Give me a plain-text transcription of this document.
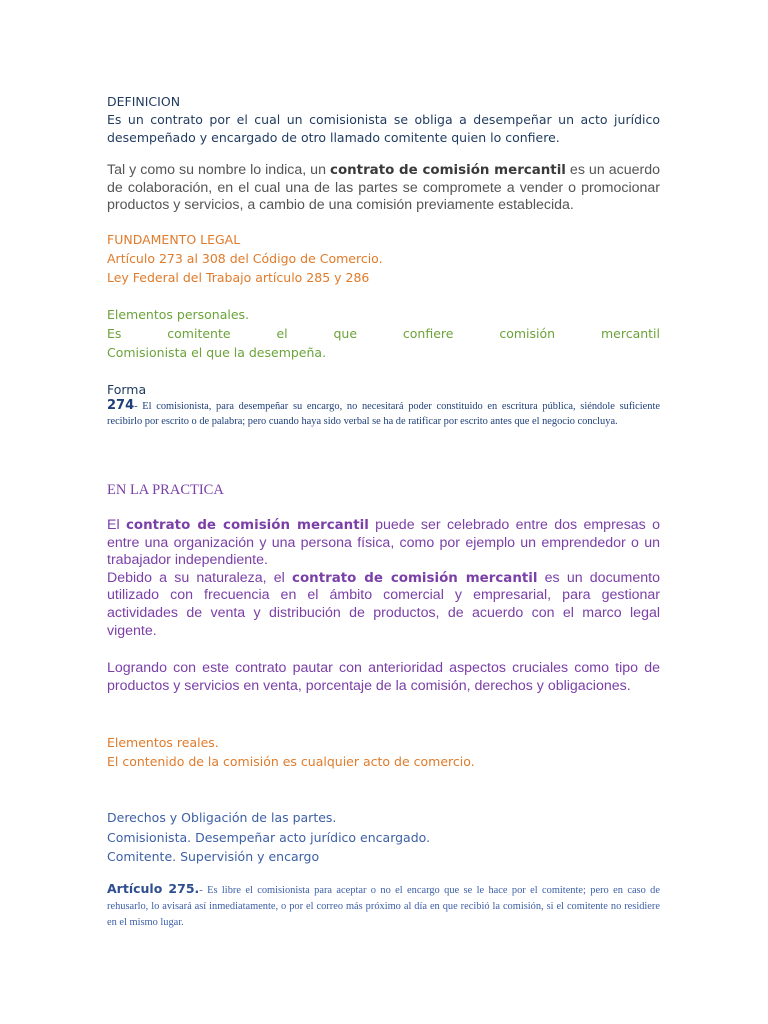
DEFINICION
Es un contrato por el cual un comisionista se obliga a desempeñar un acto jurídico desempeñado y encargado de otro llamado comitente quien lo confiere.
Tal y como su nombre lo indica, un contrato de comisión mercantil es un acuerdo de colaboración, en el cual una de las partes se compromete a vender o promocionar productos y servicios, a cambio de una comisión previamente establecida.
FUNDAMENTO LEGAL
Artículo 273 al 308 del Código de Comercio.
Ley Federal del Trabajo artículo 285 y 286
Elementos personales.
Es comitente el que confiere comisión mercantil
Comisionista el que la desempeña.
Forma
274- El comisionista, para desempeñar su encargo, no necesitará poder constituido en escritura pública, siéndole suficiente recibirlo por escrito o de palabra; pero cuando haya sido verbal se ha de ratificar por escrito antes que el negocio concluya.
EN LA PRACTICA
El contrato de comisión mercantil puede ser celebrado entre dos empresas o entre una organización y una persona física, como por ejemplo un emprendedor o un trabajador independiente.
Debido a su naturaleza, el contrato de comisión mercantil es un documento utilizado con frecuencia en el ámbito comercial y empresarial, para gestionar actividades de venta y distribución de productos, de acuerdo con el marco legal vigente.
Logrando con este contrato pautar con anterioridad aspectos cruciales como tipo de productos y servicios en venta, porcentaje de la comisión, derechos y obligaciones.
Elementos reales.
El contenido de la comisión es cualquier acto de comercio.
Derechos y Obligación de las partes.
Comisionista. Desempeñar acto jurídico encargado.
Comitente. Supervisión y encargo
Artículo 275.- Es libre el comisionista para aceptar o no el encargo que se le hace por el comitente; pero en caso de rehusarlo, lo avisará así inmediatamente, o por el correo más próximo al día en que recibió la comisión, si el comitente no residiere en el mismo lugar.
